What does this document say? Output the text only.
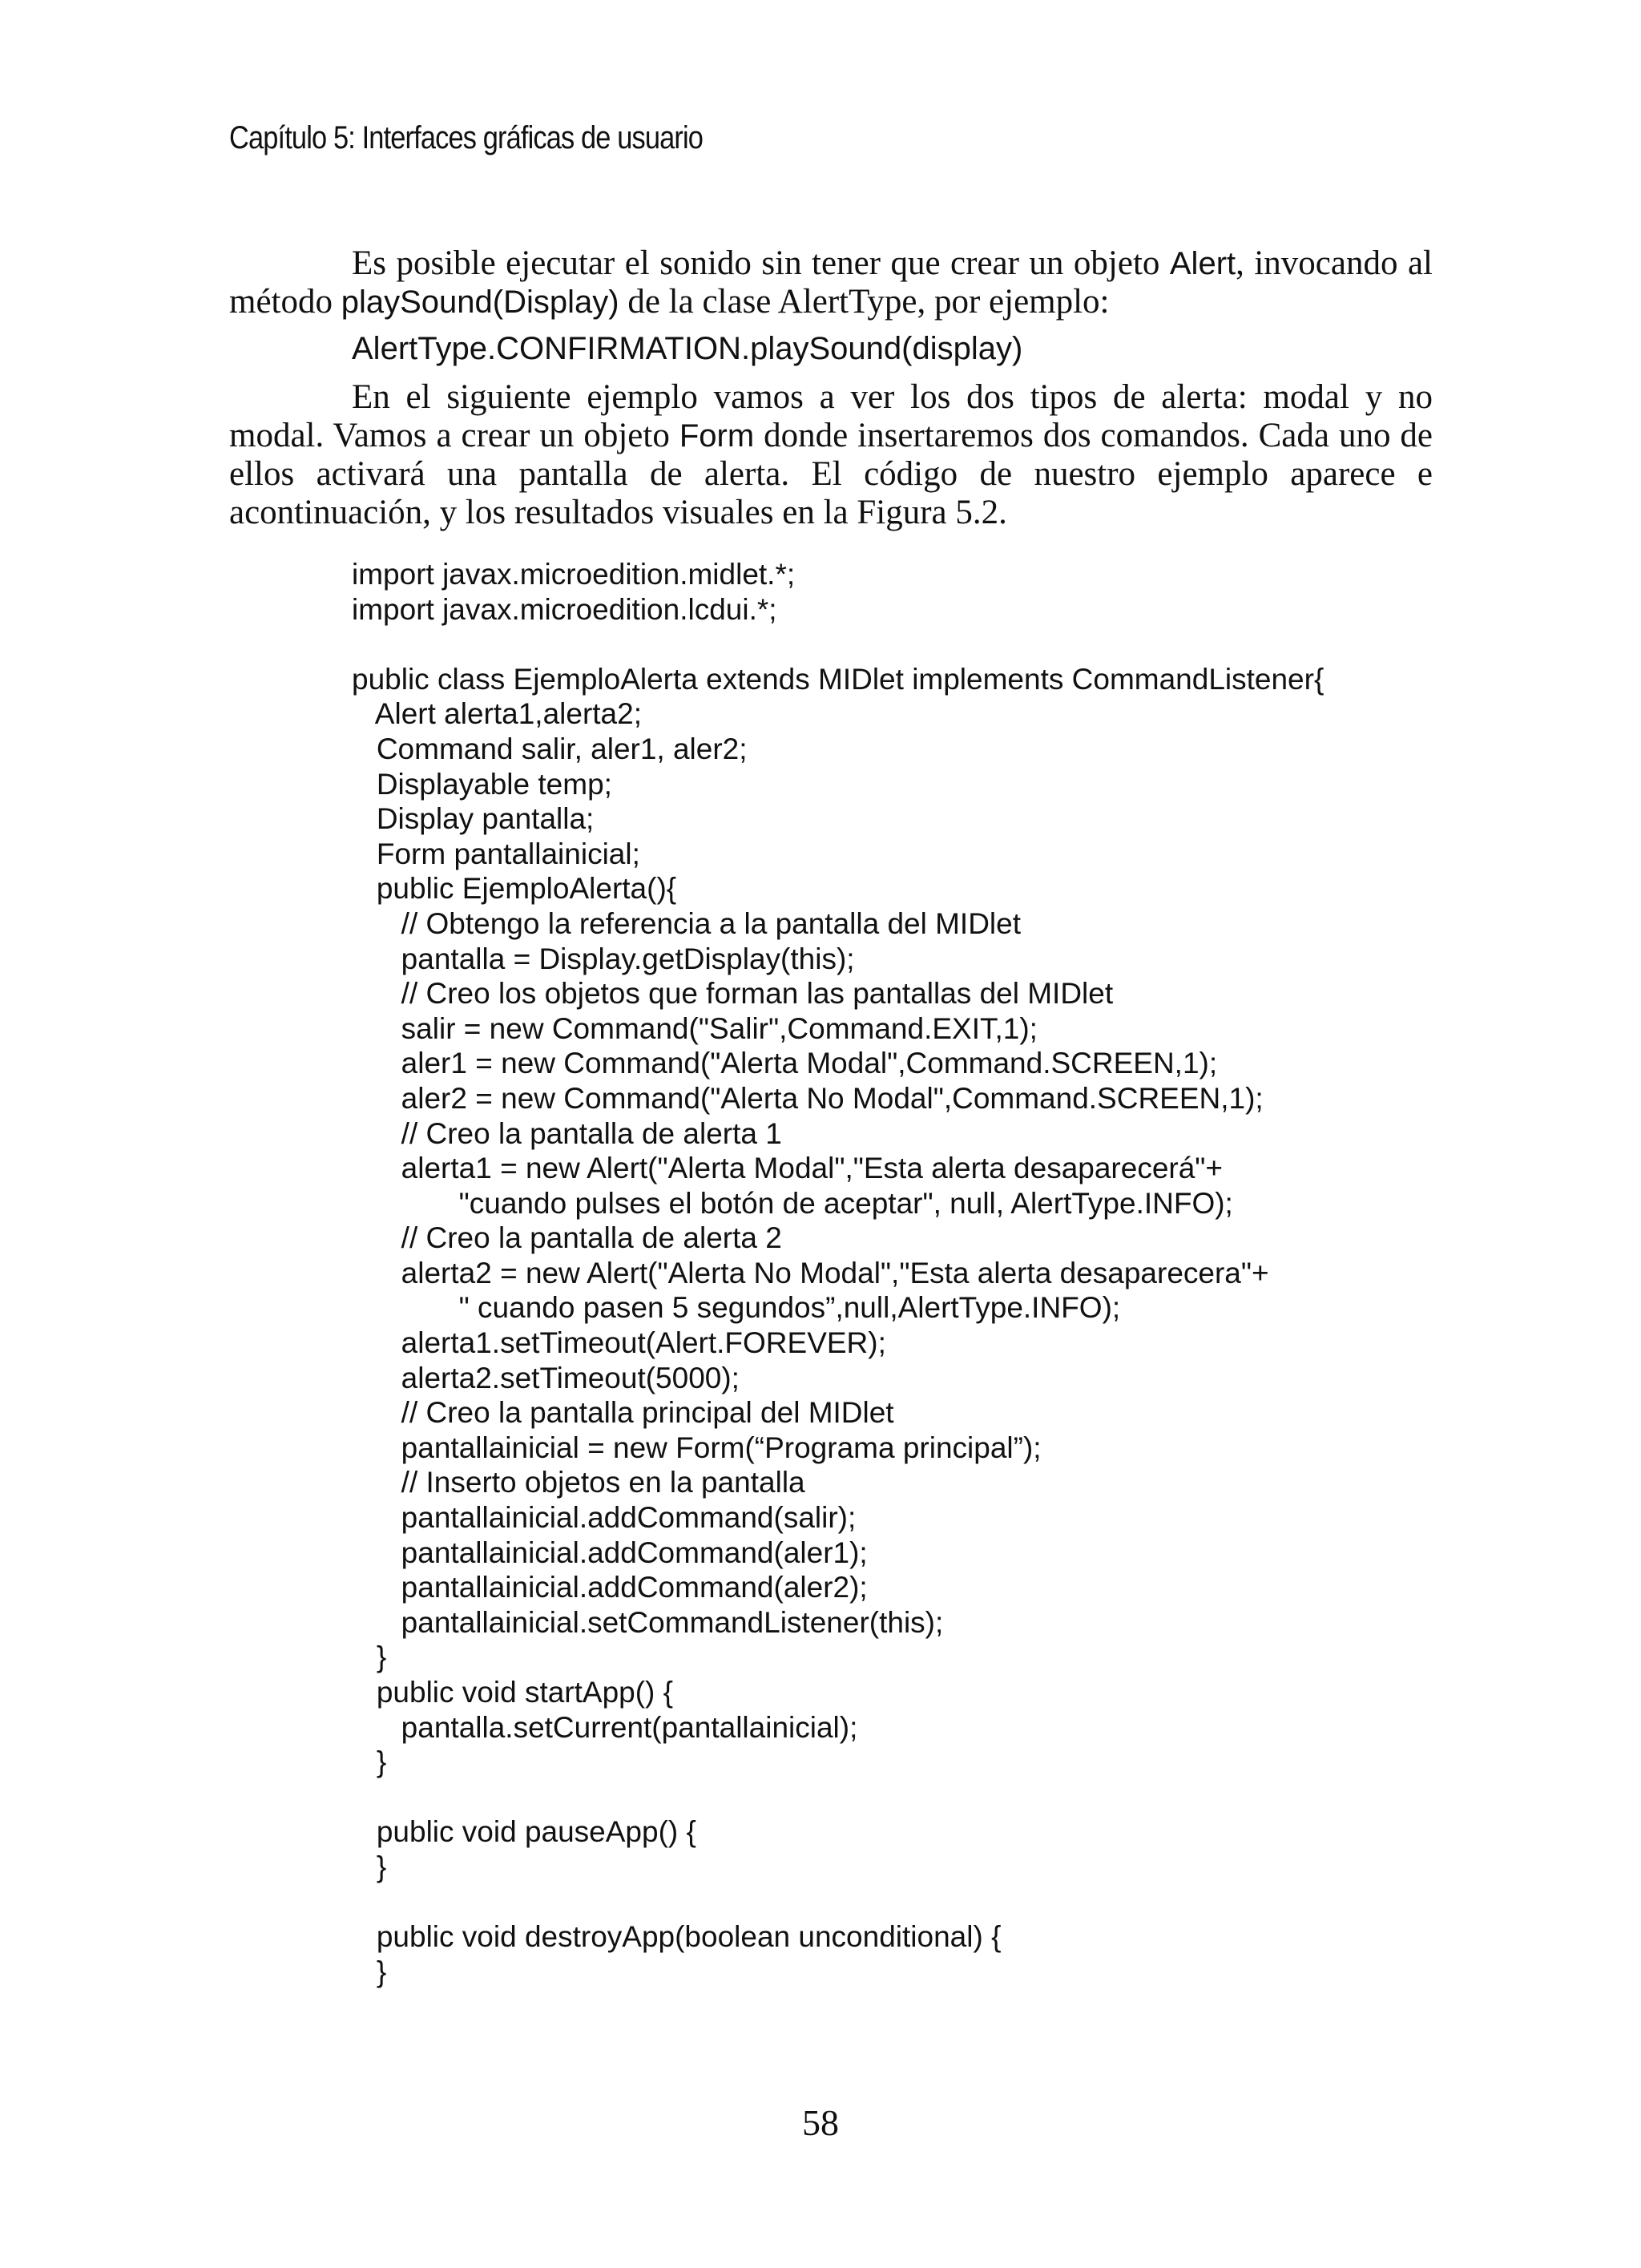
Capítulo 5: Interfaces gráficas de usuario

Es posible ejecutar el sonido sin tener que crear un objeto Alert, invocando al método playSound(Display) de la clase AlertType, por ejemplo:

AlertType.CONFIRMATION.playSound(display)

En el siguiente ejemplo vamos a ver los dos tipos de alerta: modal y no modal. Vamos a crear un objeto Form donde insertaremos dos comandos. Cada uno de ellos activará una pantalla de alerta. El código de nuestro ejemplo aparece e acontinuación, y los resultados visuales en la Figura 5.2.

import javax.microedition.midlet.*;
import javax.microedition.lcdui.*;
public class EjemploAlerta extends MIDlet implements CommandListener{
Alert alerta1,alerta2;
Command salir, aler1, aler2;
Displayable temp;
Display pantalla;
Form pantallainicial;
public EjemploAlerta(){
// Obtengo la referencia a la pantalla del MIDlet
pantalla = Display.getDisplay(this);
// Creo los objetos que forman las pantallas del MIDlet
salir = new Command("Salir",Command.EXIT,1);
aler1 = new Command("Alerta Modal",Command.SCREEN,1);
aler2 = new Command("Alerta No Modal",Command.SCREEN,1);
// Creo la pantalla de alerta 1
alerta1 = new Alert("Alerta Modal","Esta alerta desaparecerá"+
"cuando pulses el botón de aceptar", null, AlertType.INFO);
// Creo la pantalla de alerta 2
alerta2 = new Alert("Alerta No Modal","Esta alerta desaparecera"+
" cuando pasen 5 segundos”,null,AlertType.INFO);
alerta1.setTimeout(Alert.FOREVER);
alerta2.setTimeout(5000);
// Creo la pantalla principal del MIDlet
pantallainicial = new Form(“Programa principal”);
// Inserto objetos en la pantalla
pantallainicial.addCommand(salir);
pantallainicial.addCommand(aler1);
pantallainicial.addCommand(aler2);
pantallainicial.setCommandListener(this);
}
public void startApp() {
pantalla.setCurrent(pantallainicial);
}
public void pauseApp() {
}
public void destroyApp(boolean unconditional) {
}
58
